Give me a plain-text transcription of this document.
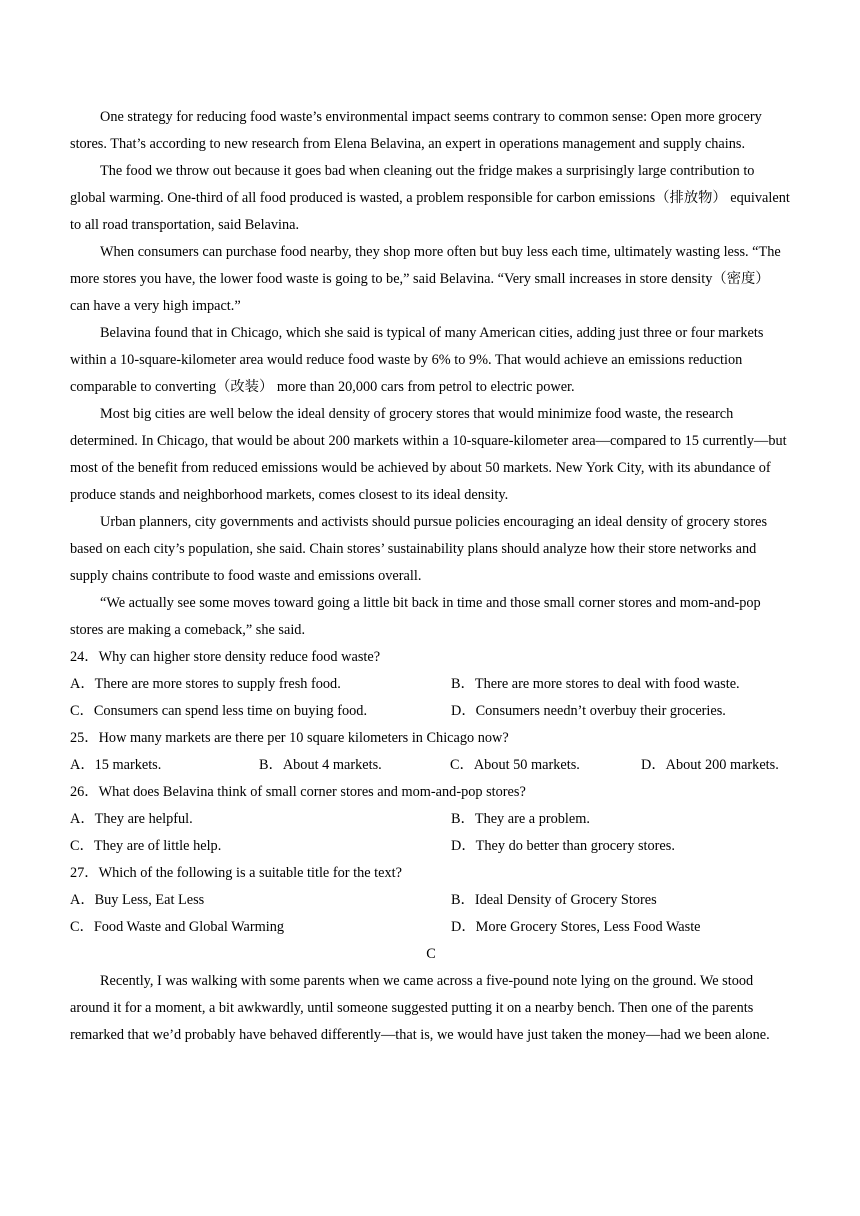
One strategy for reducing food waste’s environmental impact seems contrary to common sense: Open more grocery stores. That’s according to new research from Elena Belavina, an expert in operations management and supply chains.

The food we throw out because it goes bad when cleaning out the fridge makes a surprisingly large contribution to global warming. One-third of all food produced is wasted, a problem responsible for carbon emissions（排放物） equivalent to all road transportation, said Belavina.

When consumers can purchase food nearby, they shop more often but buy less each time, ultimately wasting less. “The more stores you have, the lower food waste is going to be,” said Belavina. “Very small increases in store density（密度） can have a very high impact.”

Belavina found that in Chicago, which she said is typical of many American cities, adding just three or four markets within a 10-square-kilometer area would reduce food waste by 6% to 9%. That would achieve an emissions reduction comparable to converting（改装） more than 20,000 cars from petrol to electric power.

Most big cities are well below the ideal density of grocery stores that would minimize food waste, the research determined. In Chicago, that would be about 200 markets within a 10-square-kilometer area—compared to 15 currently—but most of the benefit from reduced emissions would be achieved by about 50 markets. New York City, with its abundance of produce stands and neighborhood markets, comes closest to its ideal density.

Urban planners, city governments and activists should pursue policies encouraging an ideal density of grocery stores based on each city’s population, she said. Chain stores’ sustainability plans should analyze how their store networks and supply chains contribute to food waste and emissions overall.

“We actually see some moves toward going a little bit back in time and those small corner stores and mom-and-pop stores are making a comeback,” she said.

24．Why can higher store density reduce food waste?

A．There are more stores to supply fresh food.	B．There are more stores to deal with food waste.
C．Consumers can spend less time on buying food.	D．Consumers needn’t overbuy their groceries.

25．How many markets are there per 10 square kilometers in Chicago now?

A．15 markets.	B．About 4 markets.	C．About 50 markets.	D．About 200 markets.

26．What does Belavina think of small corner stores and mom-and-pop stores?

A．They are helpful.	B．They are a problem.
C．They are of little help.	D．They do better than grocery stores.

27．Which of the following is a suitable title for the text?

A．Buy Less, Eat Less	B．Ideal Density of Grocery Stores
C．Food Waste and Global Warming	D．More Grocery Stores, Less Food Waste

C

Recently, I was walking with some parents when we came across a five-pound note lying on the ground. We stood around it for a moment, a bit awkwardly, until someone suggested putting it on a nearby bench. Then one of the parents remarked that we’d probably have behaved differently—that is, we would have just taken the money—had we been alone.
